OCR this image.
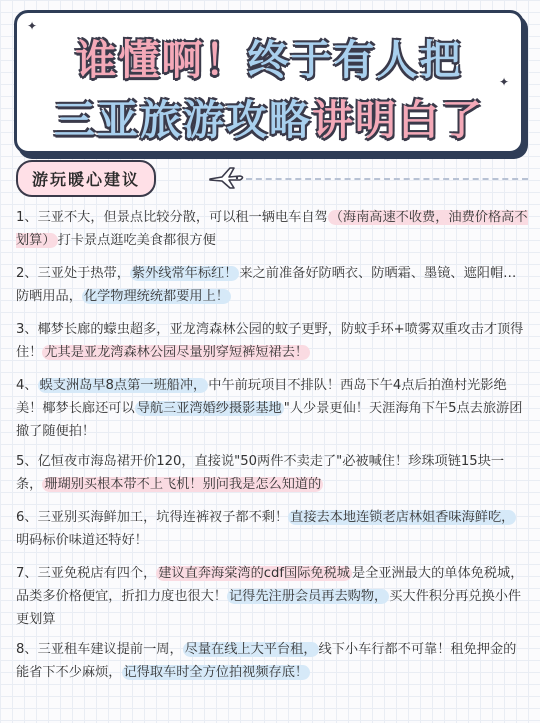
✦
✦
谁懂啊！终于有人把
三亚旅游攻略讲明白了
游玩暖心建议
1、三亚不大，但景点比较分散，可以租一辆电车自驾 （海南高速不收费，油费价格高不划算） 打卡景点逛吃美食都很方便
2、三亚处于热带， 紫外线常年标红！ 来之前准备好防晒衣、防晒霜、墨镜、遮阳帽…防晒用品， 化学物理统统都要用上！
3、椰梦长廊的蠓虫超多，亚龙湾森林公园的蚊子更野，防蚊手环+喷雾双重攻击才顶得住！ 尤其是亚龙湾森林公园尽量别穿短裤短裙去！
4、 蜈支洲岛早8点第一班船冲， 中午前玩项目不排队！西岛下午4点后拍渔村光影绝美！椰梦长廊还可以 导航三亚湾婚纱摄影基地 "人少景更仙！天涯海角下午5点去旅游团撤了随便拍！
5、亿恒夜市海岛裙开价120，直接说"50两件不卖走了"必被喊住！珍珠项链15块一条， 珊瑚别买根本带不上飞机！别问我是怎么知道的
6、三亚别买海鲜加工，坑得连裤衩子都不剩！ 直接去本地连锁老店林姐香味海鲜吃，明码标价味道还特好！
7、三亚免税店有四个， 建议直奔海棠湾的cdf国际免税城 是全亚洲最大的单体免税城，品类多价格便宜，折扣力度也很大！ 记得先注册会员再去购物， 买大件积分再兑换小件更划算
8、三亚租车建议提前一周， 尽量在线上大平台租， 线下小车行都不可靠！租免押金的能省下不少麻烦， 记得取车时全方位拍视频存底！
